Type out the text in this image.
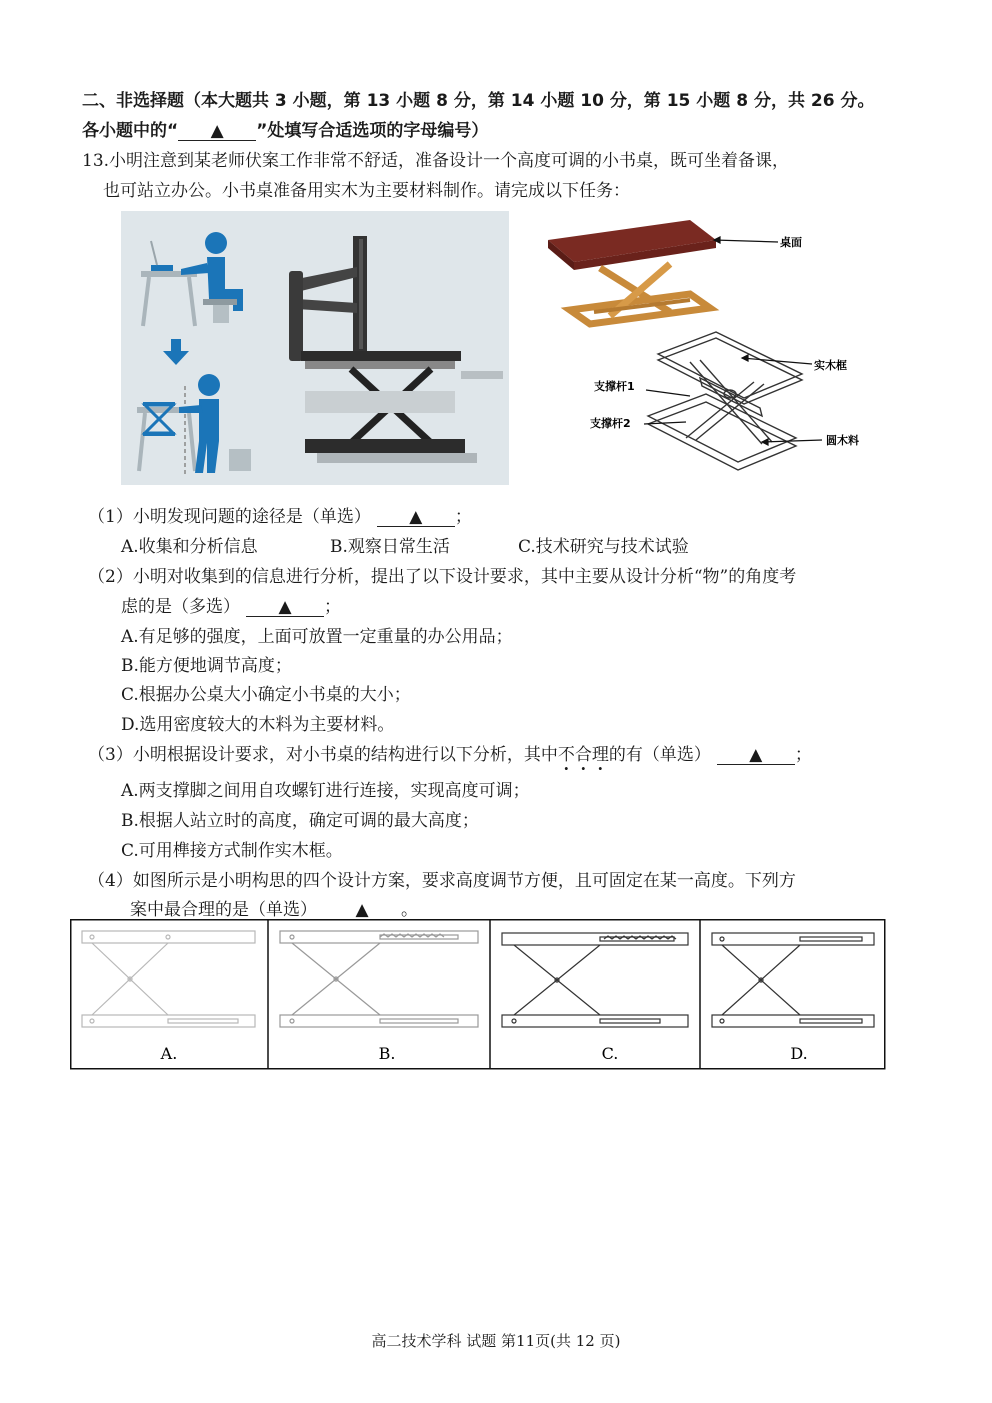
二、非选择题（本大题共 3 小题，第 13 小题 8 分，第 14 小题 10 分，第 15 小题 8 分，共 26 分。
各小题中的“ ▲ ”处填写合适选项的字母编号）
13.小明注意到某老师伏案工作非常不舒适，准备设计一个高度可调的小书桌，既可坐着备课，
也可站立办公。小书桌准备用实木为主要材料制作。请完成以下任务：
桌面
实木框
支撑杆1
支撑杆2
圆木料
（1）小明发现问题的途径是（单选） ▲ ；
A.收集和分析信息	B.观察日常生活	C.技术研究与技术试验
（2）小明对收集到的信息进行分析，提出了以下设计要求，其中主要从设计分析“物”的角度考
虑的是（多选） ▲ ；
A.有足够的强度，上面可放置一定重量的办公用品；
B.能方便地调节高度；
C.根据办公桌大小确定小书桌的大小；
D.选用密度较大的木料为主要材料。
（3）小明根据设计要求，对小书桌的结构进行以下分析，其中不合理的有（单选） ▲ ；
A.两支撑脚之间用自攻螺钉进行连接，实现高度可调；
B.根据人站立时的高度，确定可调的最大高度；
C.可用榫接方式制作实木框。
（4）如图所示是小明构思的四个设计方案，要求高度调节方便，且可固定在某一高度。下列方
案中最合理的是（单选） ▲ 。
A.	B.	C.	D.
高二技术学科 试题 第11页(共 12 页)
